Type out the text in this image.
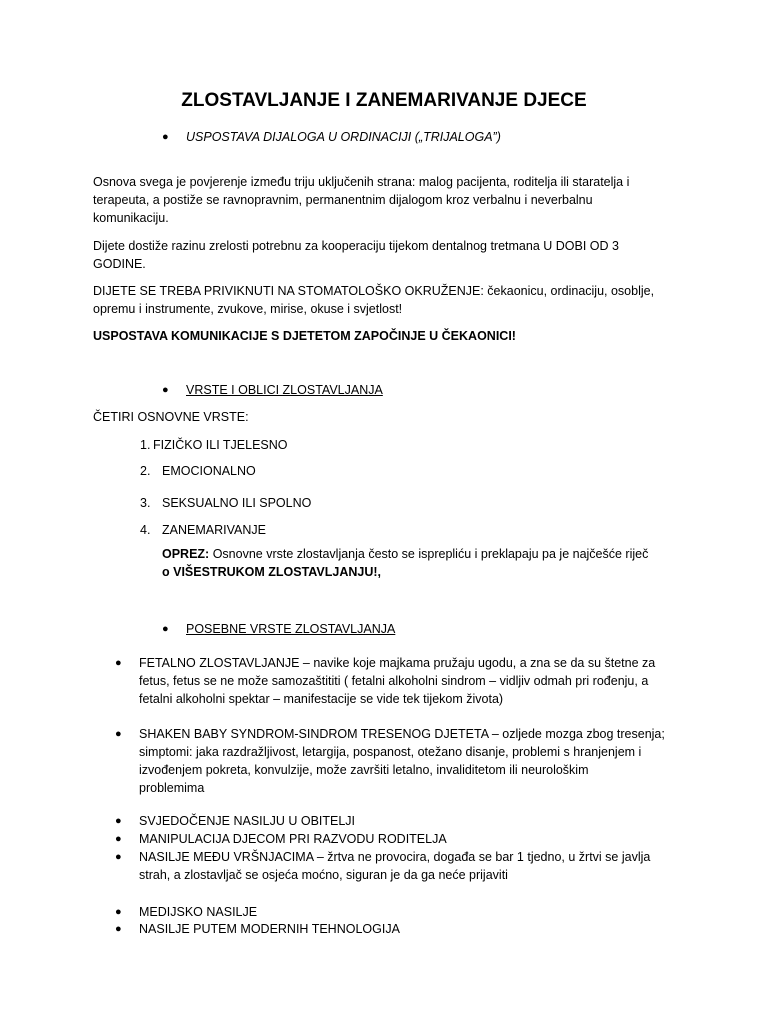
ZLOSTAVLJANJE I ZANEMARIVANJE DJECE
● USPOSTAVA DIJALOGA U ORDINACIJI („TRIJALOGA”)
Osnova svega je povjerenje između triju uključenih strana: malog pacijenta, roditelja ili staratelja i
terapeuta, a postiže se ravnopravnim, permanentnim dijalogom kroz verbalnu i neverbalnu
komunikaciju.
Dijete dostiže razinu zrelosti potrebnu za kooperaciju tijekom dentalnog tretmana U DOBI OD 3
GODINE.
DIJETE SE TREBA PRIVIKNUTI NA STOMATOLOŠKO OKRUŽENJE: čekaonicu, ordinaciju, osoblje,
opremu i instrumente, zvukove, mirise, okuse i svjetlost!
USPOSTAVA KOMUNIKACIJE S DJETETOM ZAPOČINJE U ČEKAONICI!
● VRSTE I OBLICI ZLOSTAVLJANJA
ČETIRI OSNOVNE VRSTE:
1. FIZIČKO ILI TJELESNO
2. EMOCIONALNO
3. SEKSUALNO ILI SPOLNO
4. ZANEMARIVANJE
OPREZ: Osnovne vrste zlostavljanja često se isprepliću i preklapaju pa je najčešće riječ
o VIŠESTRUKOM ZLOSTAVLJANJU!,
● POSEBNE VRSTE ZLOSTAVLJANJA
● FETALNO ZLOSTAVLJANJE – navike koje majkama pružaju ugodu, a zna se da su štetne za
fetus, fetus se ne može samozaštititi ( fetalni alkoholni sindrom – vidljiv odmah pri rođenju, a
fetalni alkoholni spektar – manifestacije se vide tek tijekom života)
● SHAKEN BABY SYNDROM-SINDROM TRESENOG DJETETA – ozljede mozga zbog tresenja;
simptomi: jaka razdražljivost, letargija, pospanost, otežano disanje, problemi s hranjenjem i
izvođenjem pokreta, konvulzije, može završiti letalno, invaliditetom ili neurološkim
problemima
● SVJEDOČENJE NASILJU U OBITELJI
● MANIPULACIJA DJECOM PRI RAZVODU RODITELJA
● NASILJE MEĐU VRŠNJACIMA – žrtva ne provocira, događa se bar 1 tjedno, u žrtvi se javlja
strah, a zlostavljač se osjeća moćno, siguran je da ga neće prijaviti
● MEDIJSKO NASILJE
● NASILJE PUTEM MODERNIH TEHNOLOGIJA
